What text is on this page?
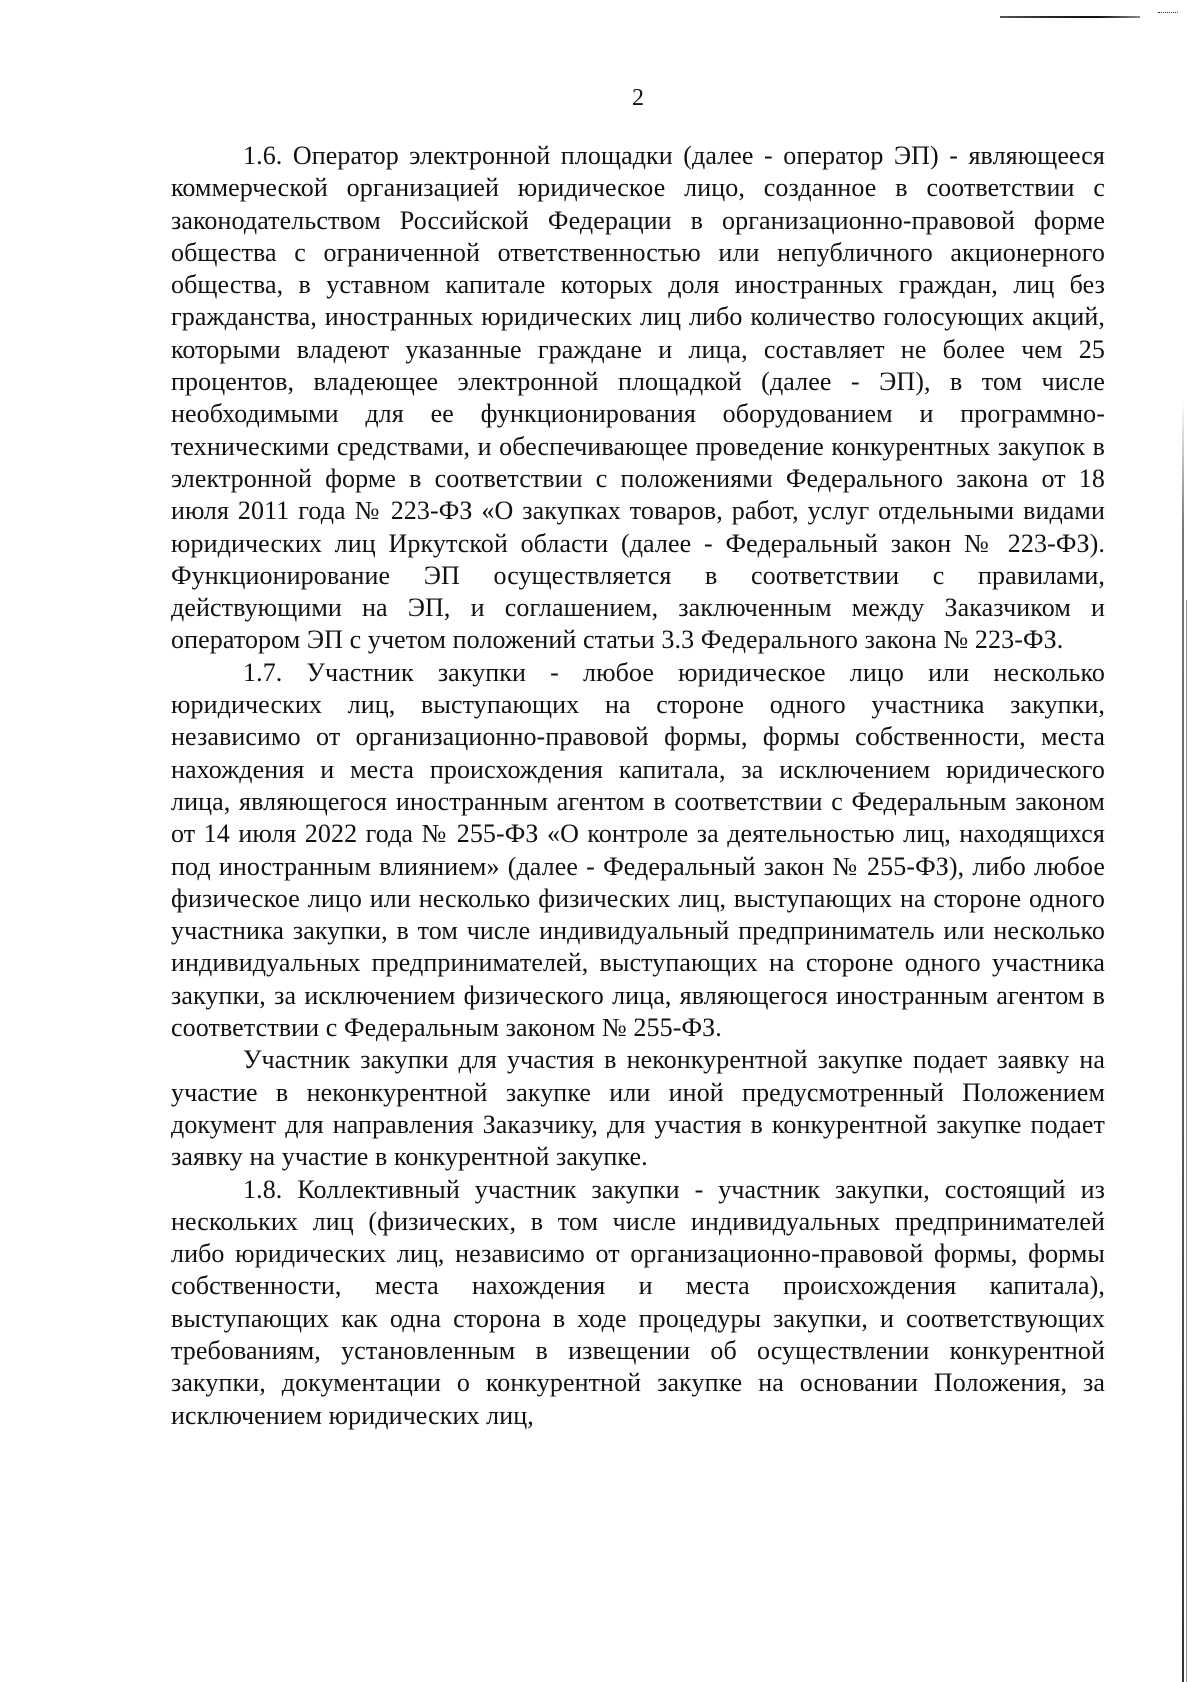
2

1.6. Оператор электронной площадки (далее - оператор ЭП) - являющееся коммерческой организацией юридическое лицо, созданное в соответствии с законодательством Российской Федерации в организационно-правовой форме общества с ограниченной ответственностью или непубличного акционерного общества, в уставном капитале которых доля иностранных граждан, лиц без гражданства, иностранных юридических лиц либо количество голосующих акций, которыми владеют указанные граждане и лица, составляет не более чем 25 процентов, владеющее электронной площадкой (далее - ЭП), в том числе необходимыми для ее функционирования оборудованием и программно-техническими средствами, и обеспечивающее проведение конкурентных закупок в электронной форме в соответствии с положениями Федерального закона от 18 июля 2011 года № 223-ФЗ «О закупках товаров, работ, услуг отдельными видами юридических лиц Иркутской области (далее - Федеральный закон № 223-ФЗ). Функционирование ЭП осуществляется в соответствии с правилами, действующими на ЭП, и соглашением, заключенным между Заказчиком и оператором ЭП с учетом положений статьи 3.3 Федерального закона № 223-ФЗ.

1.7. Участник закупки - любое юридическое лицо или несколько юридических лиц, выступающих на стороне одного участника закупки, независимо от организационно-правовой формы, формы собственности, места нахождения и места происхождения капитала, за исключением юридического лица, являющегося иностранным агентом в соответствии с Федеральным законом от 14 июля 2022 года № 255-ФЗ «О контроле за деятельностью лиц, находящихся под иностранным влиянием» (далее - Федеральный закон № 255-ФЗ), либо любое физическое лицо или несколько физических лиц, выступающих на стороне одного участника закупки, в том числе индивидуальный предприниматель или несколько индивидуальных предпринимателей, выступающих на стороне одного участника закупки, за исключением физического лица, являющегося иностранным агентом в соответствии с Федеральным законом № 255-ФЗ.

Участник закупки для участия в неконкурентной закупке подает заявку на участие в неконкурентной закупке или иной предусмотренный Положением документ для направления Заказчику, для участия в конкурентной закупке подает заявку на участие в конкурентной закупке.

1.8. Коллективный участник закупки - участник закупки, состоящий из нескольких лиц (физических, в том числе индивидуальных предпринимателей либо юридических лиц, независимо от организационно-правовой формы, формы собственности, места нахождения и места происхождения капитала), выступающих как одна сторона в ходе процедуры закупки, и соответствующих требованиям, установленным в извещении об осуществлении конкурентной закупки, документации о конкурентной закупке на основании Положения, за исключением юридических лиц,
